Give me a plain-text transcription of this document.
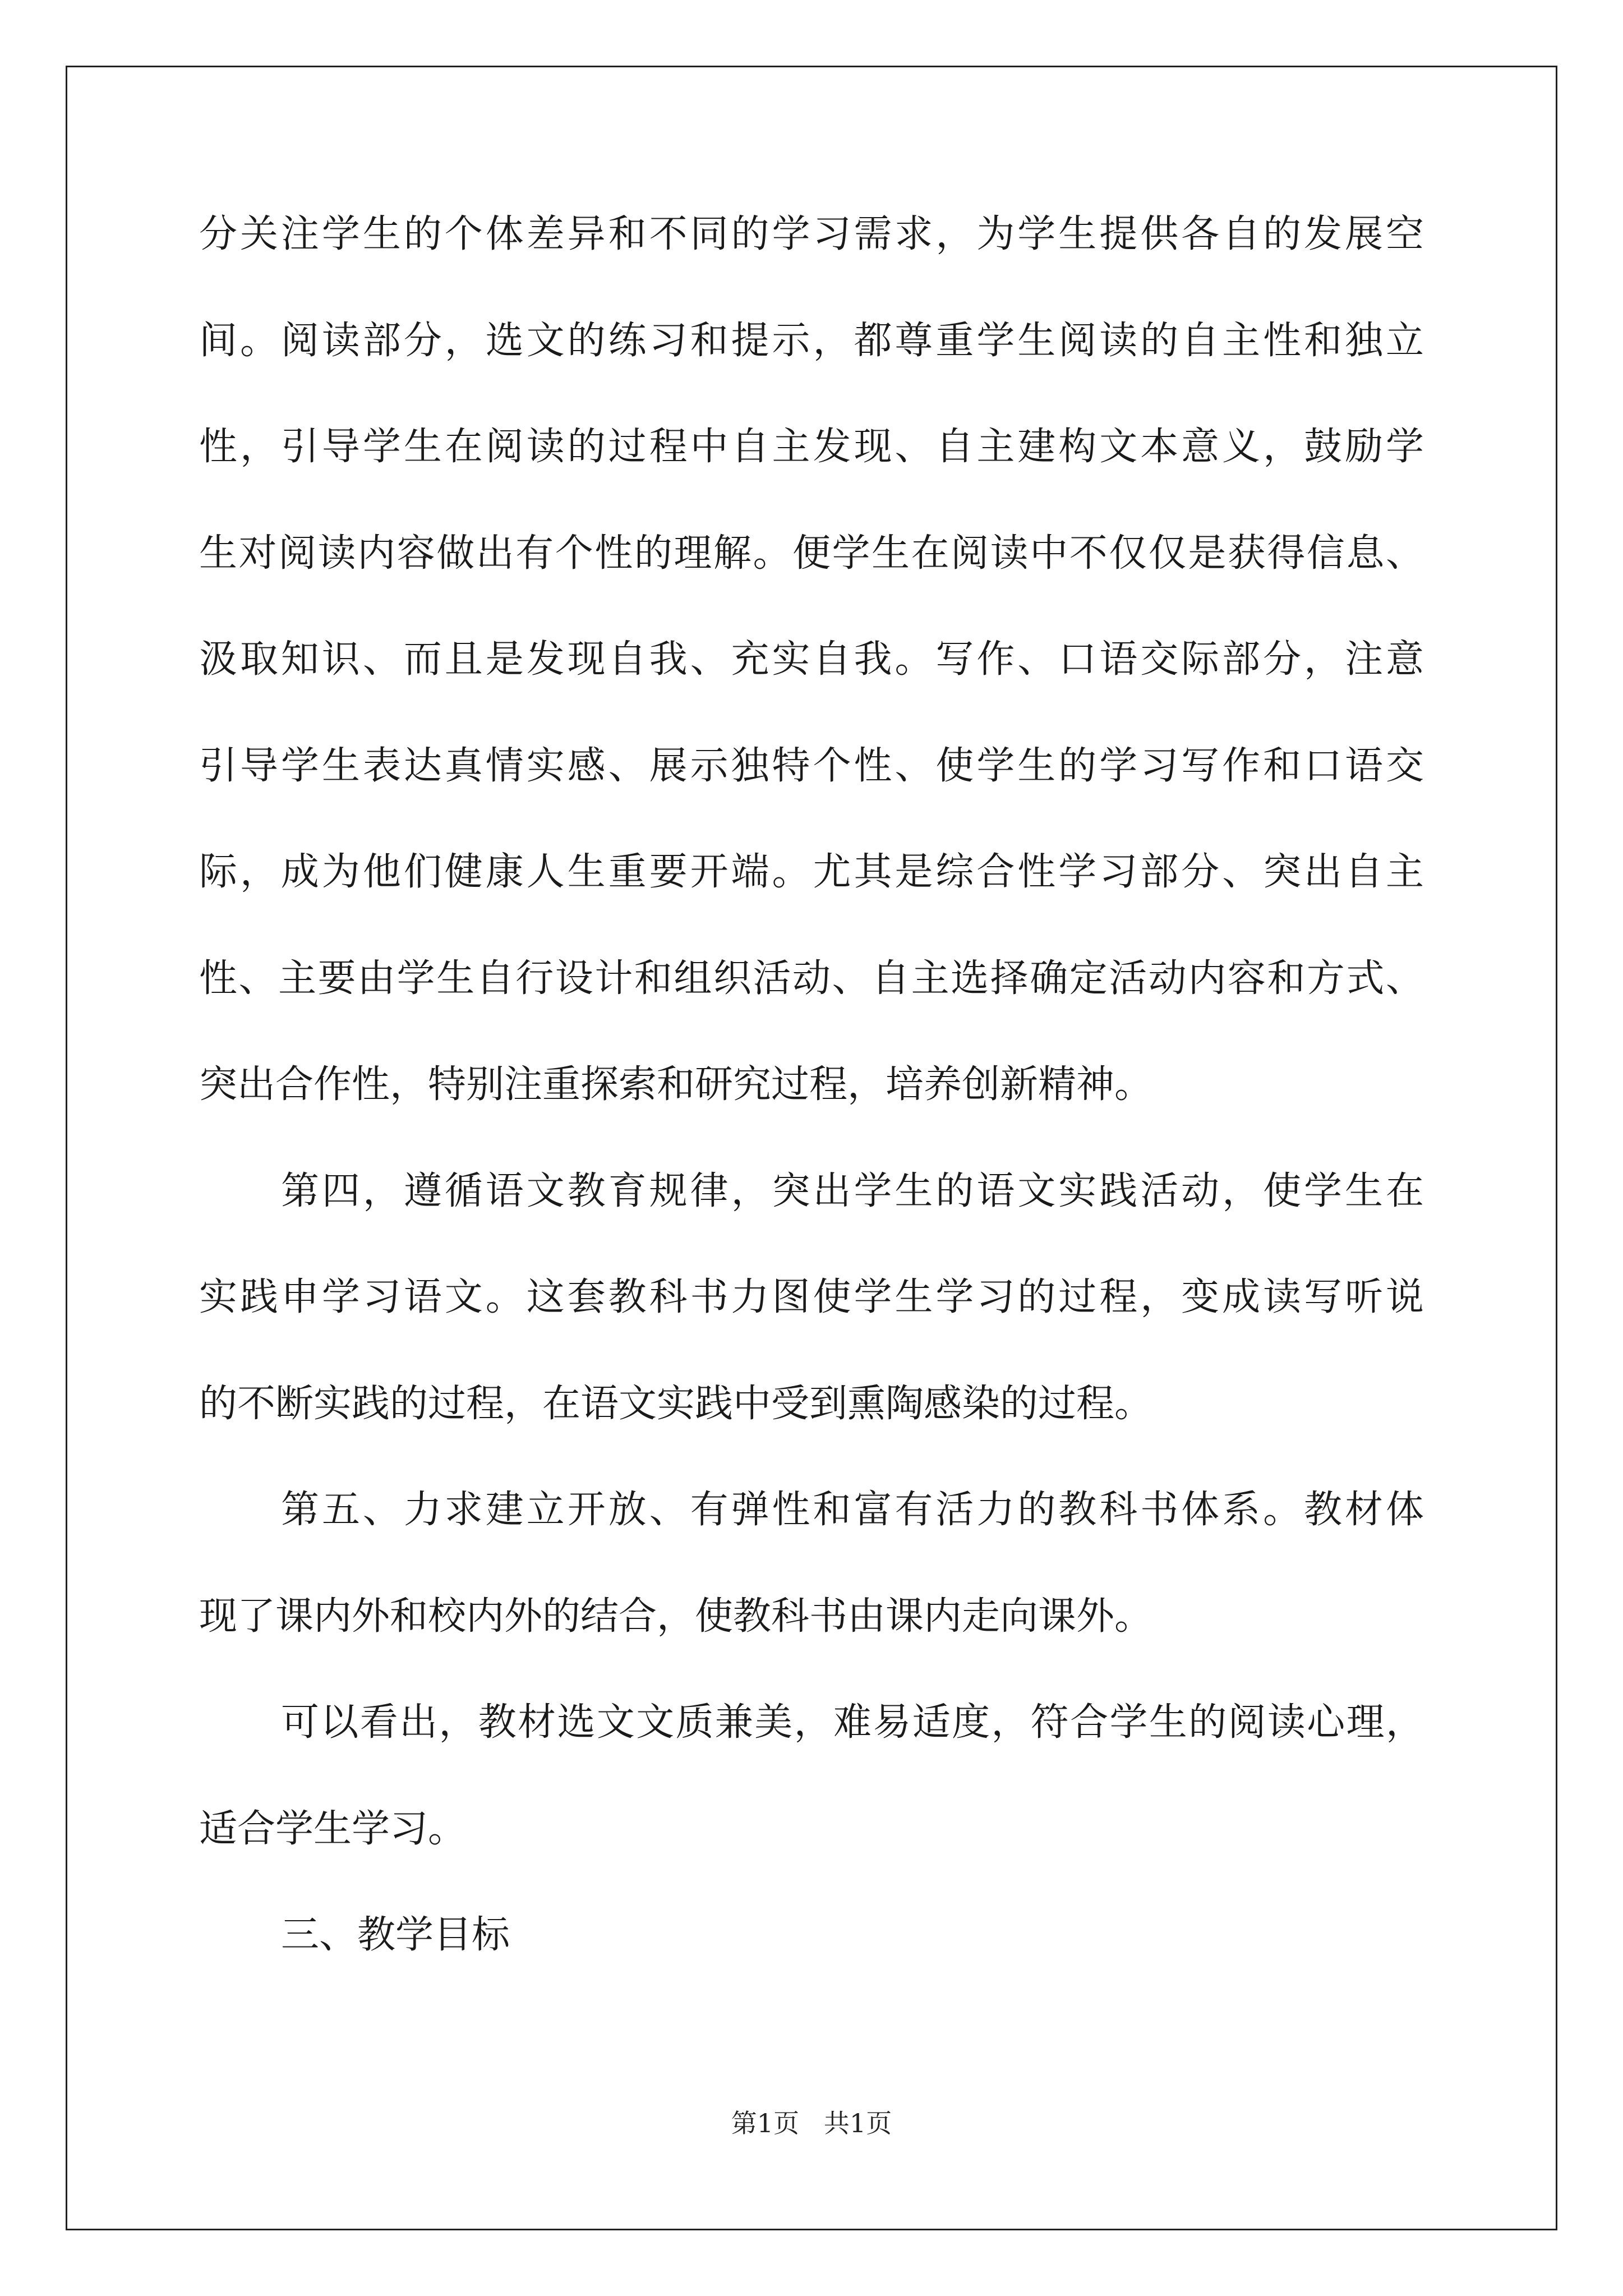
分关注学生的个体差异和不同的学习需求，为学生提供各自的发展空
间。阅读部分，选文的练习和提示，都尊重学生阅读的自主性和独立
性，引导学生在阅读的过程中自主发现、自主建构文本意义，鼓励学
生对阅读内容做出有个性的理解。便学生在阅读中不仅仅是获得信息、
汲取知识、而且是发现自我、充实自我。写作、口语交际部分，注意
引导学生表达真情实感、展示独特个性、使学生的学习写作和口语交
际，成为他们健康人生重要开端。尤其是综合性学习部分、突出自主
性、主要由学生自行设计和组织活动、自主选择确定活动内容和方式、
突出合作性，特别注重探索和研究过程，培养创新精神。
第四，遵循语文教育规律，突出学生的语文实践活动，使学生在
实践申学习语文。这套教科书力图使学生学习的过程，变成读写听说
的不断实践的过程，在语文实践中受到熏陶感染的过程。
第五、力求建立开放、有弹性和富有活力的教科书体系。教材体
现了课内外和校内外的结合，使教科书由课内走向课外。
可以看出，教材选文文质兼美，难易适度，符合学生的阅读心理，
适合学生学习。
三、教学目标
第1页   共1页
